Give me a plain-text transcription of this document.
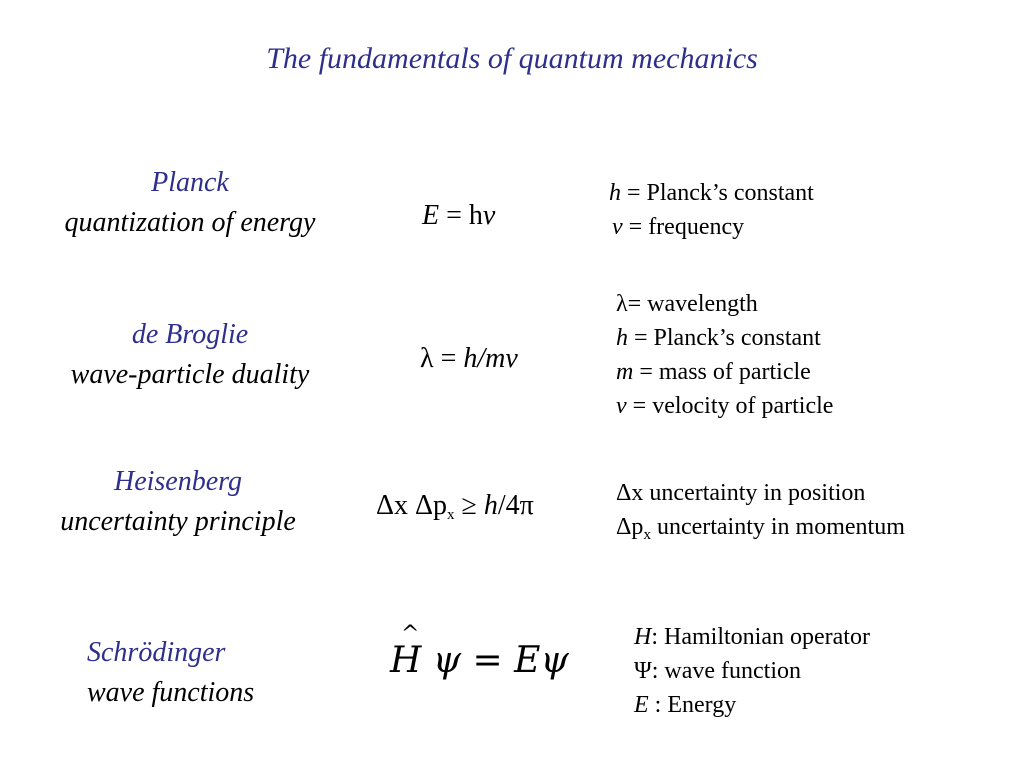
The fundamentals of quantum mechanics
Planck
quantization of energy	E = hν
h = Planck’s constant
ν = frequency
de Broglie
wave-particle duality
λ = h/mv
λ= wavelength
h = Planck’s constant
m = mass of particle
v = velocity of particle
Heisenberg
uncertainty principle
Δx $\Delta p_x \ge h/4\pi$	Δx uncertainty in position
$\Delta p_x$ uncertainty in momentum
Schrödinger
wave functions
^
H ψ = Eψ
H: Hamiltonian operator
Ψ: wave function
E : Energy
